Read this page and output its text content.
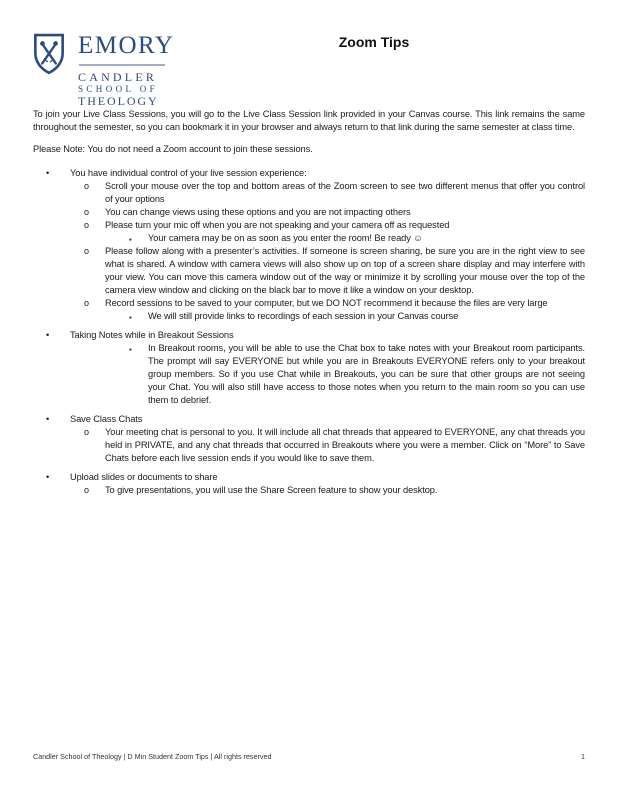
EMORY
CANDLER
SCHOOL OF
THEOLOGY
Zoom Tips

To join your Live Class Sessions, you will go to the Live Class Session link provided in your Canvas course. This link remains the same throughout the semester, so you can bookmark it in your browser and always return to that link during the same semester at class time.

Please Note: You do not need a Zoom account to join these sessions.

• You have individual control of your live session experience:
o Scroll your mouse over the top and bottom areas of the Zoom screen to see two different menus that offer you control of your options
o You can change views using these options and you are not impacting others
o Please turn your mic off when you are not speaking and your camera off as requested
▪ Your camera may be on as soon as you enter the room! Be ready ☺
o Please follow along with a presenter’s activities. If someone is screen sharing, be sure you are in the right view to see what is shared. A window with camera views will also show up on top of a screen share display and may interfere with your view. You can move this camera window out of the way or minimize it by scrolling your mouse over the top of the camera view window and clicking on the black bar to move it like a window on your desktop.
o Record sessions to be saved to your computer, but we DO NOT recommend it because the files are very large
▪ We will still provide links to recordings of each session in your Canvas course
• Taking Notes while in Breakout Sessions
▪ In Breakout rooms, you will be able to use the Chat box to take notes with your Breakout room participants. The prompt will say EVERYONE but while you are in Breakouts EVERYONE refers only to your breakout group members. So if you use Chat while in Breakouts, you can be sure that other groups are not seeing your Chat. You will also still have access to those notes when you return to the main room so you can use them to debrief.
• Save Class Chats
o Your meeting chat is personal to you. It will include all chat threads that appeared to EVERYONE, any chat threads you held in PRIVATE, and any chat threads that occurred in Breakouts where you were a member. Click on “More” to Save Chats before each live session ends if you would like to save them.
• Upload slides or documents to share
o To give presentations, you will use the Share Screen feature to show your desktop.
Candler School of Theology | D Min Student Zoom Tips | All rights reserved	1
